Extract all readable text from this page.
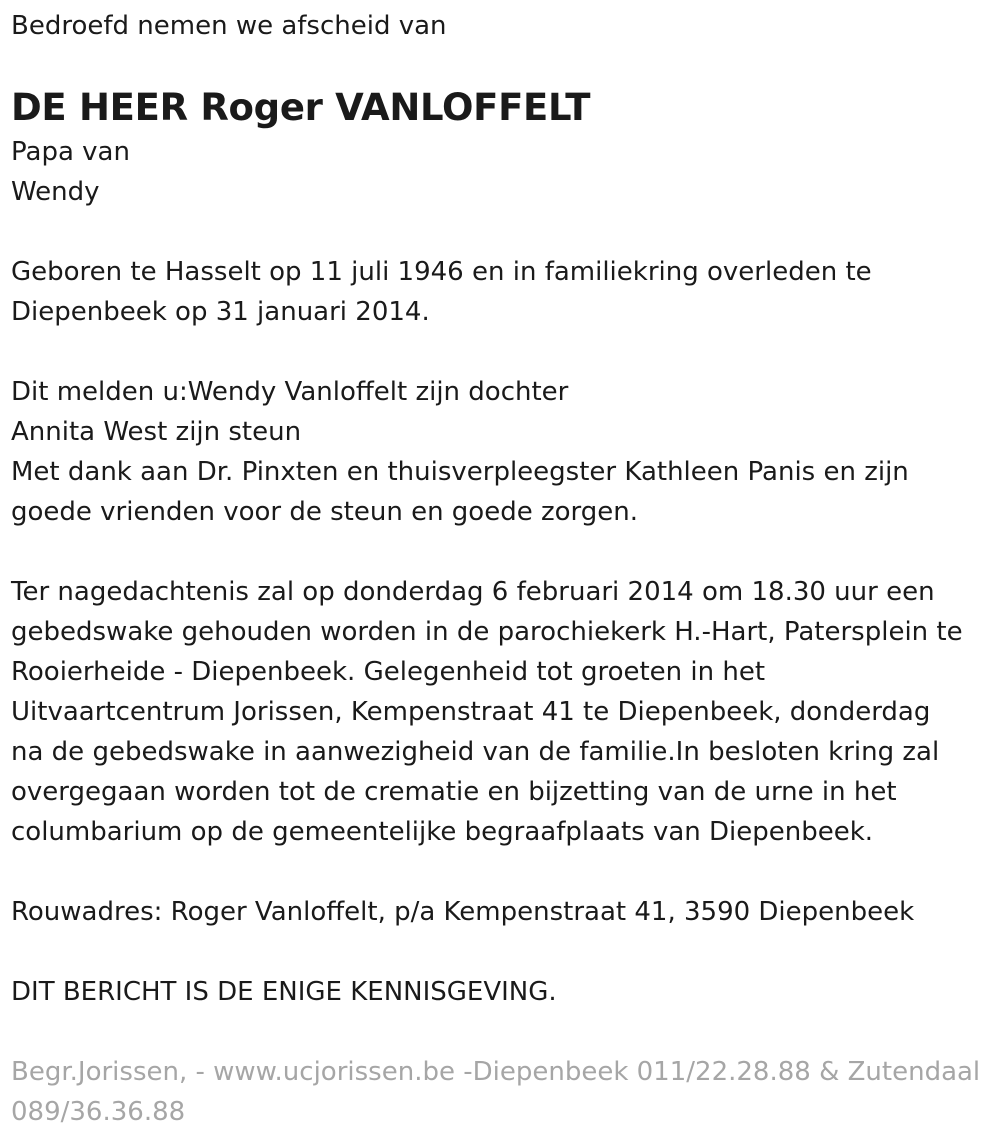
Bedroefd nemen we afscheid van

DE HEER Roger VANLOFFELT

Papa van

Wendy

Geboren te Hasselt op 11 juli 1946 en in familiekring overleden te

Diepenbeek op 31 januari 2014.

Dit melden u:Wendy Vanloffelt zijn dochter

Annita West zijn steun

Met dank aan Dr. Pinxten en thuisverpleegster Kathleen Panis en zijn

goede vrienden voor de steun en goede zorgen.

Ter nagedachtenis zal op donderdag 6 februari 2014 om 18.30 uur een

gebedswake gehouden worden in de parochiekerk H.-Hart, Patersplein te

Rooierheide - Diepenbeek. Gelegenheid tot groeten in het

Uitvaartcentrum Jorissen, Kempenstraat 41 te Diepenbeek, donderdag

na de gebedswake in aanwezigheid van de familie.In besloten kring zal

overgegaan worden tot de crematie en bijzetting van de urne in het

columbarium op de gemeentelijke begraafplaats van Diepenbeek.

Rouwadres: Roger Vanloffelt, p/a Kempenstraat 41, 3590 Diepenbeek

DIT BERICHT IS DE ENIGE KENNISGEVING.

Begr.Jorissen, - www.ucjorissen.be -Diepenbeek 011/22.28.88 & Zutendaal

089/36.36.88
